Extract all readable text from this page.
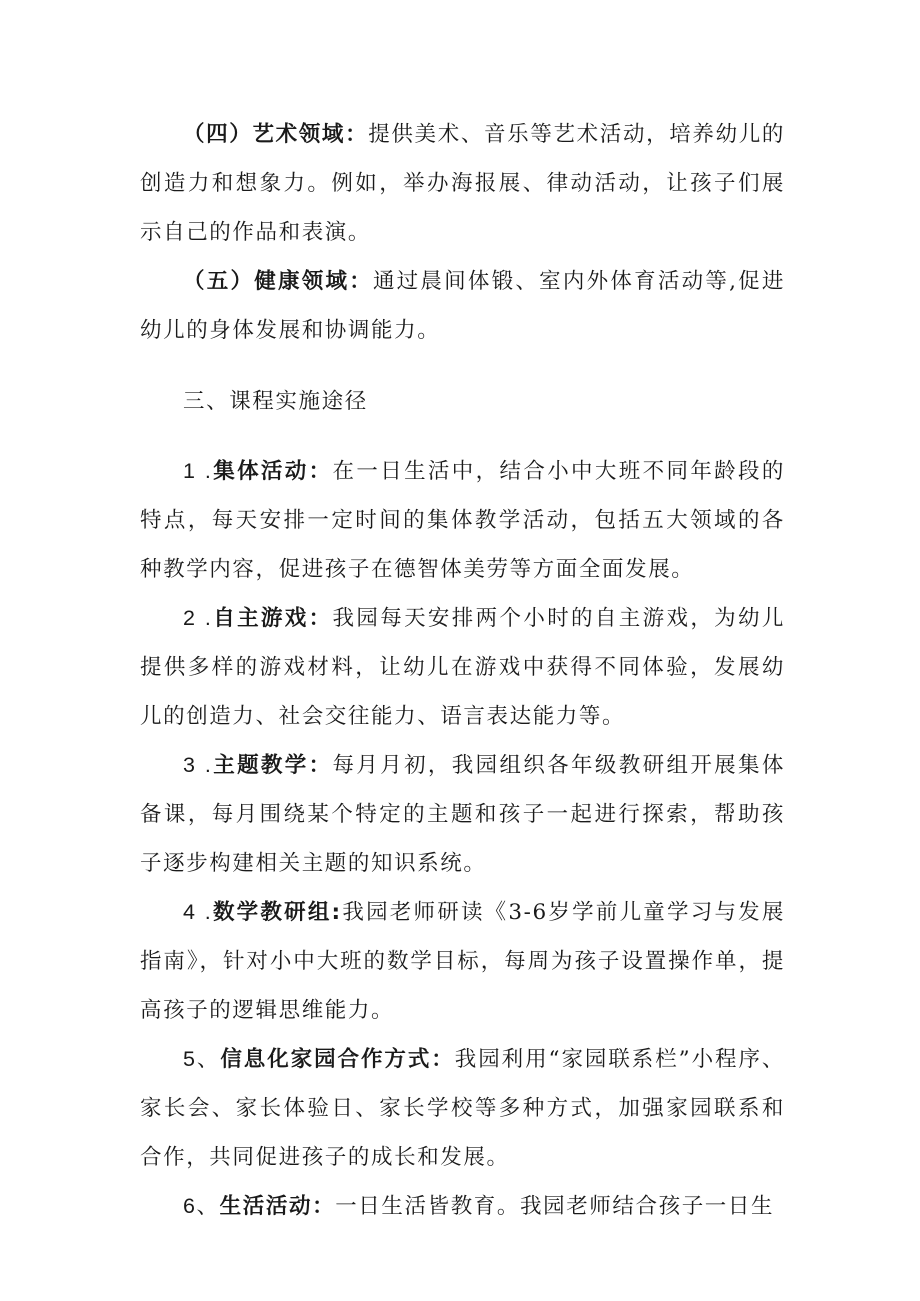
（四）艺术领域：提供美术、音乐等艺术活动，培养幼儿的创造力和想象力。例如，举办海报展、律动活动，让孩子们展示自己的作品和表演。

（五）健康领域：通过晨间体锻、室内外体育活动等,促进幼儿的身体发展和协调能力。

三、课程实施途径

1 .集体活动：在一日生活中，结合小中大班不同年龄段的特点，每天安排一定时间的集体教学活动，包括五大领域的各种教学内容，促进孩子在德智体美劳等方面全面发展。

2 .自主游戏：我园每天安排两个小时的自主游戏，为幼儿提供多样的游戏材料，让幼儿在游戏中获得不同体验，发展幼儿的创造力、社会交往能力、语言表达能力等。

3 .主题教学：每月月初，我园组织各年级教研组开展集体备课，每月围绕某个特定的主题和孩子一起进行探索，帮助孩子逐步构建相关主题的知识系统。

4 .数学教研组:我园老师研读《3-6岁学前儿童学习与发展指南》，针对小中大班的数学目标，每周为孩子设置操作单，提高孩子的逻辑思维能力。

5、信息化家园合作方式：我园利用“家园联系栏”小程序、家长会、家长体验日、家长学校等多种方式，加强家园联系和合作，共同促进孩子的成长和发展。

6、生活活动：一日生活皆教育。我园老师结合孩子一日生
